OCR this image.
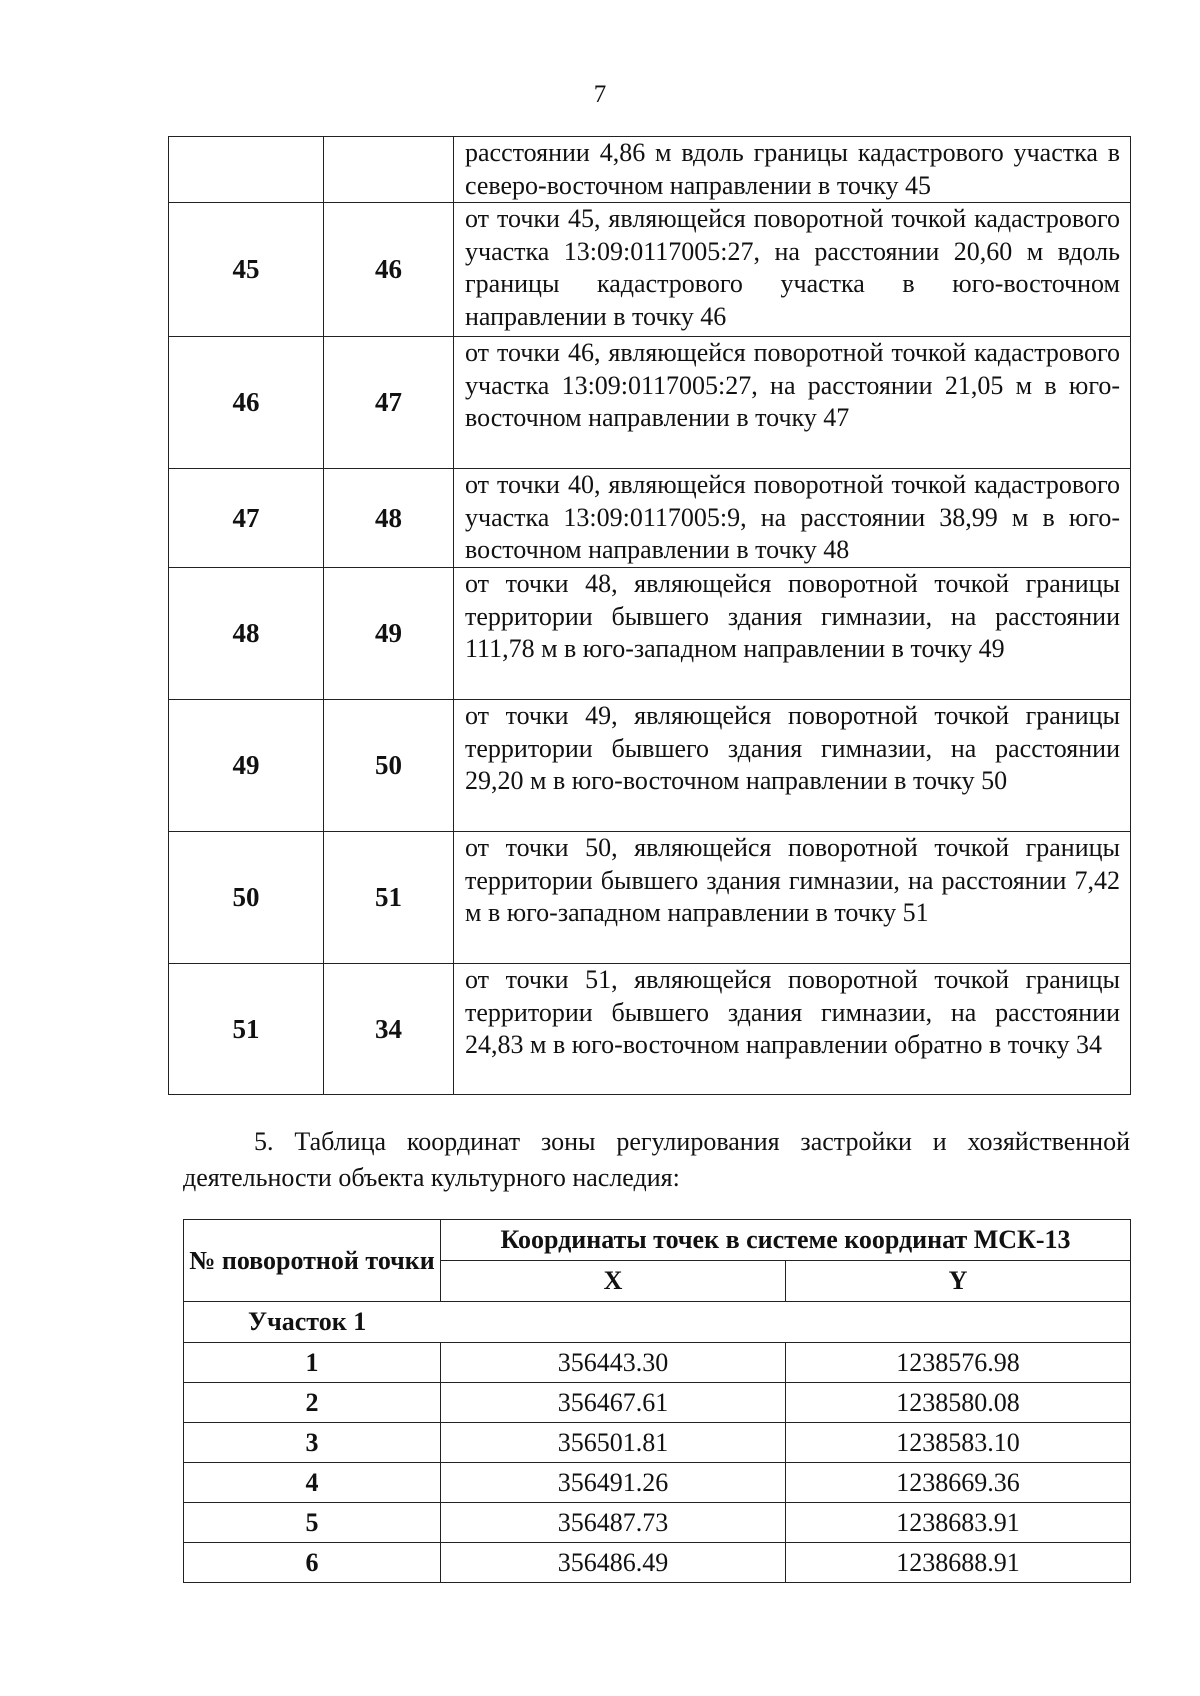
7
		расстоянии 4,86 м вдоль границы кадастрового участка в северо-восточном направлении в точку 45
45	46	от точки 45, являющейся поворотной точкой кадастрового участка 13:09:0117005:27, на расстоянии 20,60 м вдоль границы кадастрового участка в юго-восточном направлении в точку 46
46	47	от точки 46, являющейся поворотной точкой кадастрового участка 13:09:0117005:27, на расстоянии 21,05 м в юго-восточном направлении в точку 47
47	48	от точки 40, являющейся поворотной точкой кадастрового участка 13:09:0117005:9, на расстоянии 38,99 м в юго-восточном направлении в точку 48
48	49	от точки 48, являющейся поворотной точкой границы территории бывшего здания гимназии, на расстоянии 111,78 м в юго-западном направлении в точку 49
49	50	от точки 49, являющейся поворотной точкой границы территории бывшего здания гимназии, на расстоянии 29,20 м в юго-восточном направлении в точку 50
50	51	от точки 50, являющейся поворотной точкой границы территории бывшего здания гимназии, на расстоянии 7,42 м в юго-западном направлении в точку 51
51	34	от точки 51, являющейся поворотной точкой границы территории бывшего здания гимназии, на расстоянии 24,83 м в юго-восточном направлении обратно в точку 34
5. Таблица координат зоны регулирования застройки и хозяйственной деятельности объекта культурного наследия:
№ поворотной точки	Координаты точек в системе координат МСК-13	
	X	Y
Участок 1		
1	356443.30	1238576.98
2	356467.61	1238580.08
3	356501.81	1238583.10
4	356491.26	1238669.36
5	356487.73	1238683.91
6	356486.49	1238688.91
